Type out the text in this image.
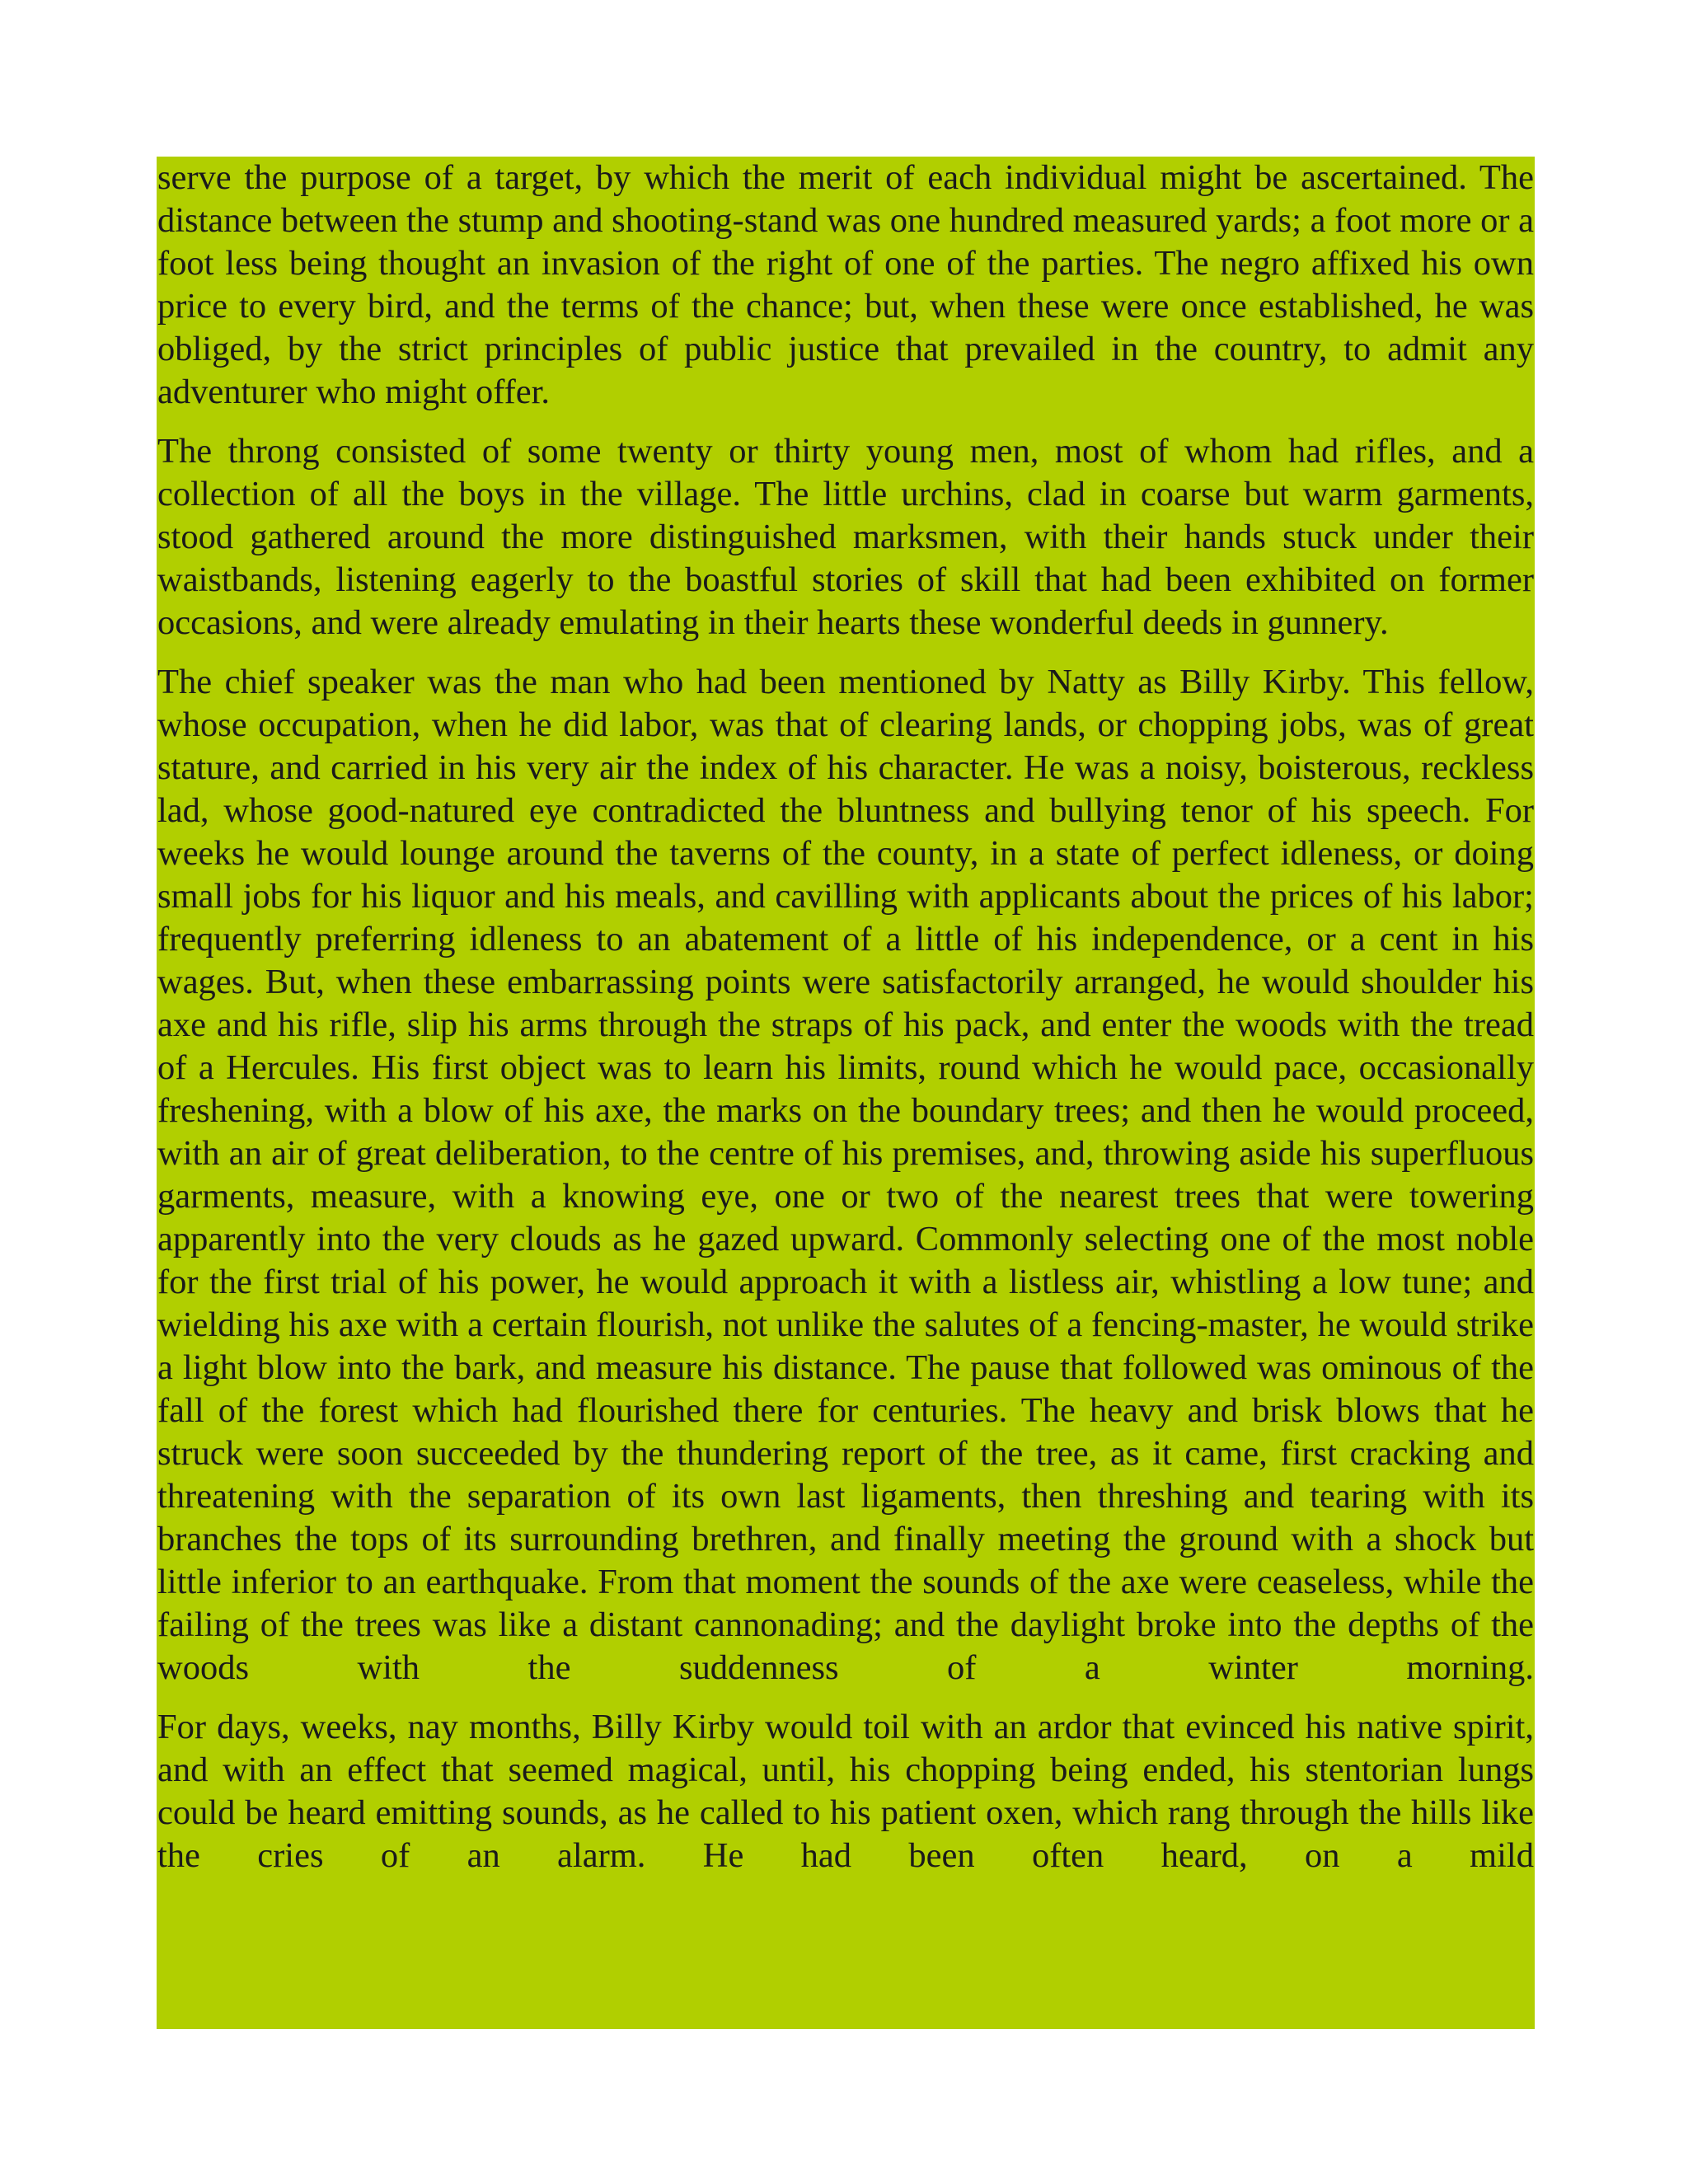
serve the purpose of a target, by which the merit of each individual might be ascertained. The distance between the stump and shooting-stand was one hundred measured yards; a foot more or a foot less being thought an invasion of the right of one of the parties. The negro affixed his own price to every bird, and the terms of the chance; but, when these were once established, he was obliged, by the strict principles of public justice that prevailed in the country, to admit any adventurer who might offer.

The throng consisted of some twenty or thirty young men, most of whom had rifles, and a collection of all the boys in the village. The little urchins, clad in coarse but warm garments, stood gathered around the more distinguished marksmen, with their hands stuck under their waistbands, listening eagerly to the boastful stories of skill that had been exhibited on former occasions, and were already emulating in their hearts these wonderful deeds in gunnery.

The chief speaker was the man who had been mentioned by Natty as Billy Kirby. This fellow, whose occupation, when he did labor, was that of clearing lands, or chopping jobs, was of great stature, and carried in his very air the index of his character. He was a noisy, boisterous, reckless lad, whose good-natured eye contradicted the bluntness and bullying tenor of his speech. For weeks he would lounge around the taverns of the county, in a state of perfect idleness, or doing small jobs for his liquor and his meals, and cavilling with applicants about the prices of his labor; frequently preferring idleness to an abatement of a little of his independence, or a cent in his wages. But, when these embarrassing points were satisfactorily arranged, he would shoulder his axe and his rifle, slip his arms through the straps of his pack, and enter the woods with the tread of a Hercules. His first object was to learn his limits, round which he would pace, occasionally freshening, with a blow of his axe, the marks on the boundary trees; and then he would proceed, with an air of great deliberation, to the centre of his premises, and, throwing aside his superfluous garments, measure, with a knowing eye, one or two of the nearest trees that were towering apparently into the very clouds as he gazed upward. Commonly selecting one of the most noble for the first trial of his power, he would approach it with a listless air, whistling a low tune; and wielding his axe with a certain flourish, not unlike the salutes of a fencing-master, he would strike a light blow into the bark, and measure his distance. The pause that followed was ominous of the fall of the forest which had flourished there for centuries. The heavy and brisk blows that he struck were soon succeeded by the thundering report of the tree, as it came, first cracking and threatening with the separation of its own last ligaments, then threshing and tearing with its branches the tops of its surrounding brethren, and finally meeting the ground with a shock but little inferior to an earthquake. From that moment the sounds of the axe were ceaseless, while the failing of the trees was like a distant cannonading; and the daylight broke into the depths of the woods with the suddenness of a winter morning.

For days, weeks, nay months, Billy Kirby would toil with an ardor that evinced his native spirit, and with an effect that seemed magical, until, his chopping being ended, his stentorian lungs could be heard emitting sounds, as he called to his patient oxen, which rang through the hills like the cries of an alarm. He had been often heard, on a mild
